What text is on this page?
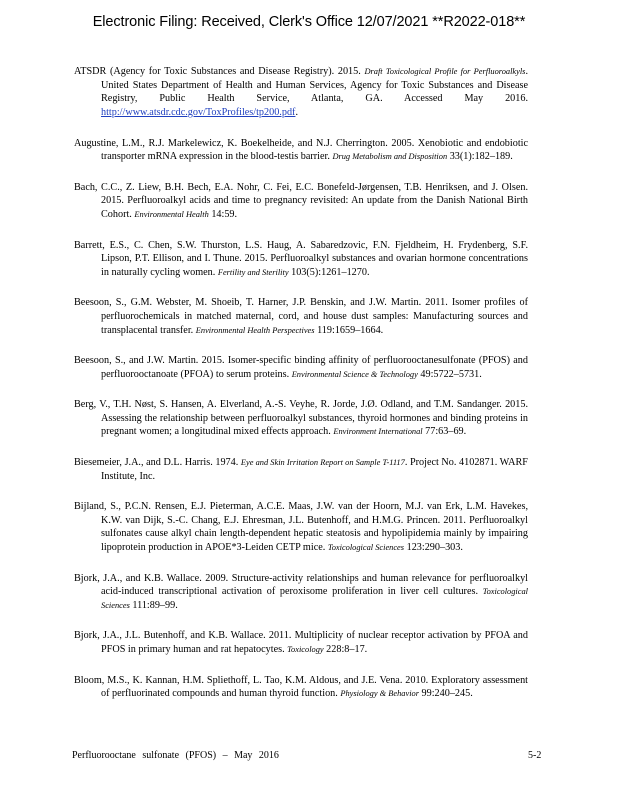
Electronic Filing: Received, Clerk's Office 12/07/2021 **R2022-018**

ATSDR (Agency for Toxic Substances and Disease Registry). 2015. Draft Toxicological Profile for Perfluoroalkyls. United States Department of Health and Human Services, Agency for Toxic Substances and Disease Registry, Public Health Service, Atlanta, GA. Accessed May 2016. http://www.atsdr.cdc.gov/ToxProfiles/tp200.pdf.

Augustine, L.M., R.J. Markelewicz, K. Boekelheide, and N.J. Cherrington. 2005. Xenobiotic and endobiotic transporter mRNA expression in the blood-testis barrier. Drug Metabolism and Disposition 33(1):182–189.

Bach, C.C., Z. Liew, B.H. Bech, E.A. Nohr, C. Fei, E.C. Bonefeld-Jørgensen, T.B. Henriksen, and J. Olsen. 2015. Perfluoroalkyl acids and time to pregnancy revisited: An update from the Danish National Birth Cohort. Environmental Health 14:59.

Barrett, E.S., C. Chen, S.W. Thurston, L.S. Haug, A. Sabaredzovic, F.N. Fjeldheim, H. Frydenberg, S.F. Lipson, P.T. Ellison, and I. Thune. 2015. Perfluoroalkyl substances and ovarian hormone concentrations in naturally cycling women. Fertility and Sterility 103(5):1261–1270.

Beesoon, S., G.M. Webster, M. Shoeib, T. Harner, J.P. Benskin, and J.W. Martin. 2011. Isomer profiles of perfluorochemicals in matched maternal, cord, and house dust samples: Manufacturing sources and transplacental transfer. Environmental Health Perspectives 119:1659–1664.

Beesoon, S., and J.W. Martin. 2015. Isomer-specific binding affinity of perfluorooctanesulfonate (PFOS) and perfluorooctanoate (PFOA) to serum proteins. Environmental Science & Technology 49:5722–5731.

Berg, V., T.H. Nøst, S. Hansen, A. Elverland, A.-S. Veyhe, R. Jorde, J.Ø. Odland, and T.M. Sandanger. 2015. Assessing the relationship between perfluoroalkyl substances, thyroid hormones and binding proteins in pregnant women; a longitudinal mixed effects approach. Environment International 77:63–69.

Biesemeier, J.A., and D.L. Harris. 1974. Eye and Skin Irritation Report on Sample T-1117. Project No. 4102871. WARF Institute, Inc.

Bijland, S., P.C.N. Rensen, E.J. Pieterman, A.C.E. Maas, J.W. van der Hoorn, M.J. van Erk, L.M. Havekes, K.W. van Dijk, S.-C. Chang, E.J. Ehresman, J.L. Butenhoff, and H.M.G. Princen. 2011. Perfluoroalkyl sulfonates cause alkyl chain length-dependent hepatic steatosis and hypolipidemia mainly by impairing lipoprotein production in APOE*3-Leiden CETP mice. Toxicological Sciences 123:290–303.

Bjork, J.A., and K.B. Wallace. 2009. Structure-activity relationships and human relevance for perfluoroalkyl acid-induced transcriptional activation of peroxisome proliferation in liver cell cultures. Toxicological Sciences 111:89–99.

Bjork, J.A., J.L. Butenhoff, and K.B. Wallace. 2011. Multiplicity of nuclear receptor activation by PFOA and PFOS in primary human and rat hepatocytes. Toxicology 228:8–17.

Bloom, M.S., K. Kannan, H.M. Spliethoff, L. Tao, K.M. Aldous, and J.E. Vena. 2010. Exploratory assessment of perfluorinated compounds and human thyroid function. Physiology & Behavior 99:240–245.

Perfluorooctane sulfonate (PFOS) – May 2016	5-2
